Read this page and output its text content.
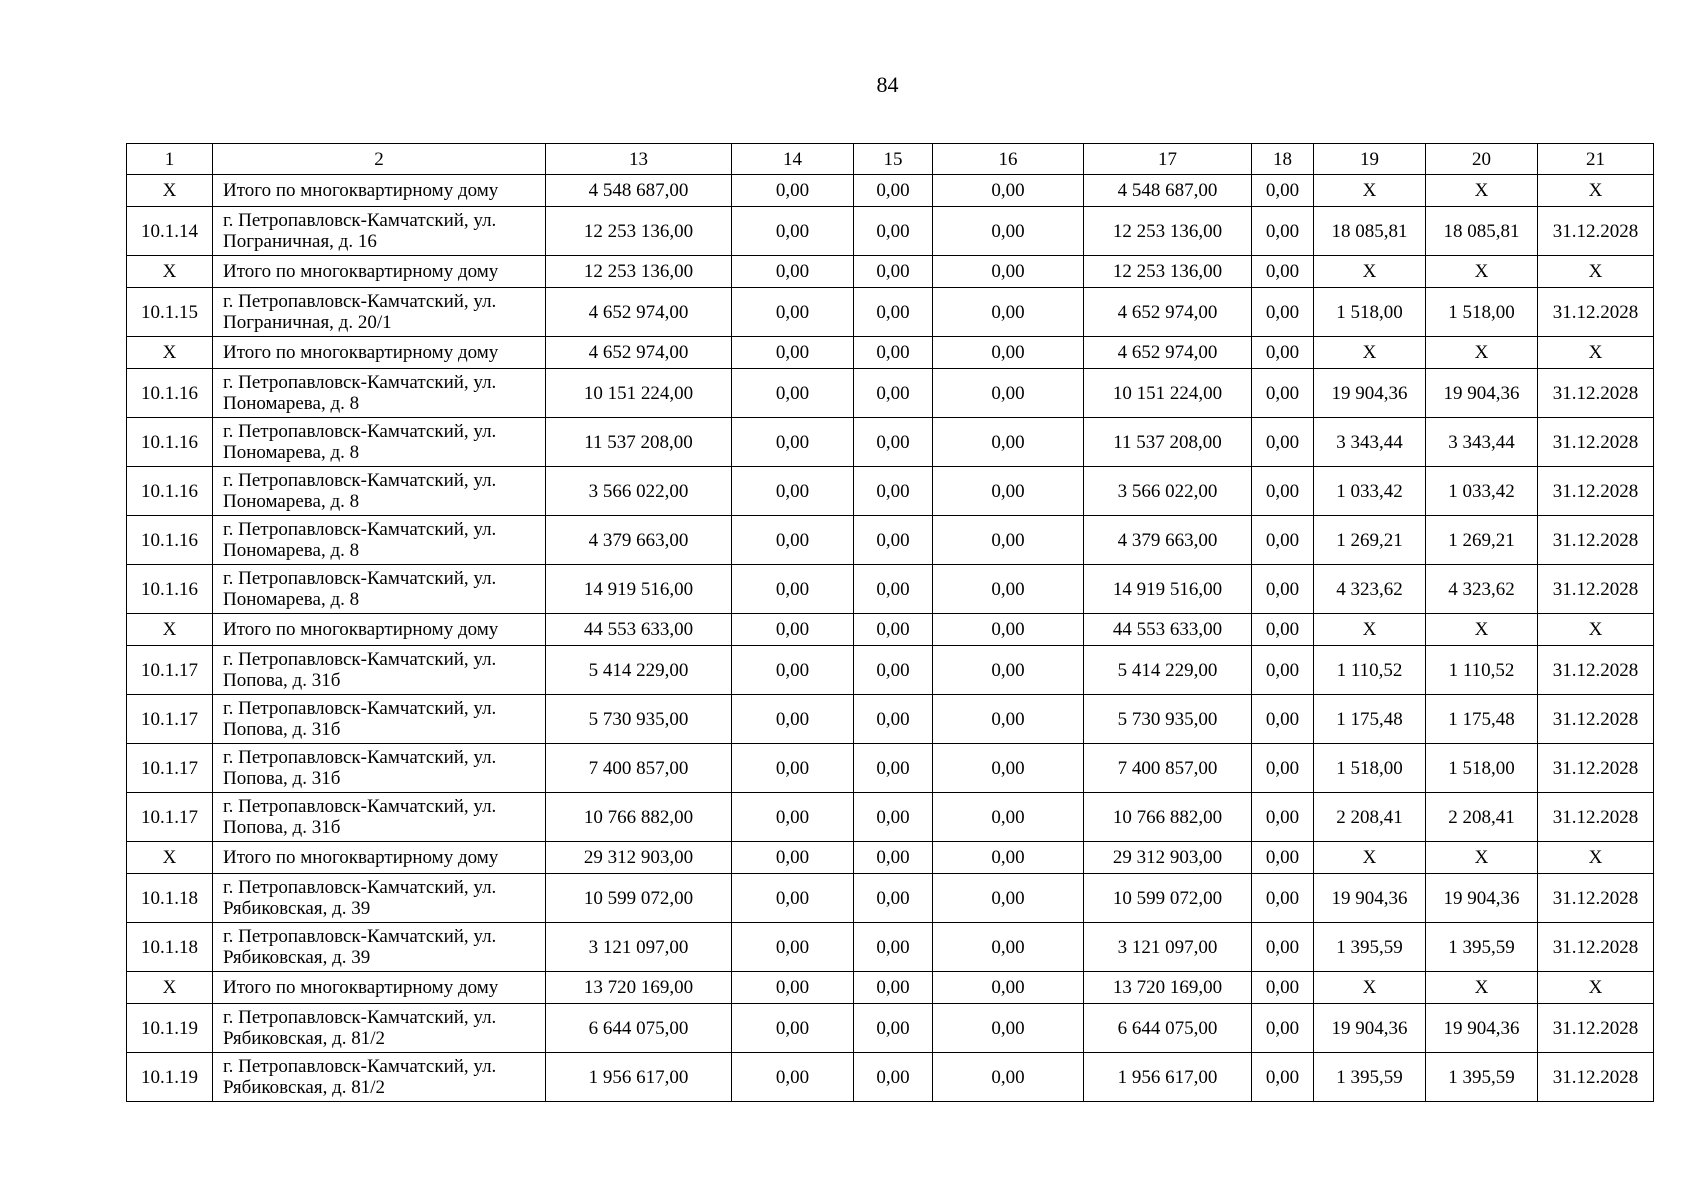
84
1	2	13	14	15	16	17	18	19	20	21
X	Итого по многоквартирному дому	4 548 687,00	0,00	0,00	0,00	4 548 687,00	0,00	X	X	X
10.1.14	г. Петропавловск-Камчатский, ул. Пограничная, д. 16	12 253 136,00	0,00	0,00	0,00	12 253 136,00	0,00	18 085,81	18 085,81	31.12.2028
X	Итого по многоквартирному дому	12 253 136,00	0,00	0,00	0,00	12 253 136,00	0,00	X	X	X
10.1.15	г. Петропавловск-Камчатский, ул. Пограничная, д. 20/1	4 652 974,00	0,00	0,00	0,00	4 652 974,00	0,00	1 518,00	1 518,00	31.12.2028
X	Итого по многоквартирному дому	4 652 974,00	0,00	0,00	0,00	4 652 974,00	0,00	X	X	X
10.1.16	г. Петропавловск-Камчатский, ул. Пономарева, д. 8	10 151 224,00	0,00	0,00	0,00	10 151 224,00	0,00	19 904,36	19 904,36	31.12.2028
10.1.16	г. Петропавловск-Камчатский, ул. Пономарева, д. 8	11 537 208,00	0,00	0,00	0,00	11 537 208,00	0,00	3 343,44	3 343,44	31.12.2028
10.1.16	г. Петропавловск-Камчатский, ул. Пономарева, д. 8	3 566 022,00	0,00	0,00	0,00	3 566 022,00	0,00	1 033,42	1 033,42	31.12.2028
10.1.16	г. Петропавловск-Камчатский, ул. Пономарева, д. 8	4 379 663,00	0,00	0,00	0,00	4 379 663,00	0,00	1 269,21	1 269,21	31.12.2028
10.1.16	г. Петропавловск-Камчатский, ул. Пономарева, д. 8	14 919 516,00	0,00	0,00	0,00	14 919 516,00	0,00	4 323,62	4 323,62	31.12.2028
X	Итого по многоквартирному дому	44 553 633,00	0,00	0,00	0,00	44 553 633,00	0,00	X	X	X
10.1.17	г. Петропавловск-Камчатский, ул. Попова, д. 31б	5 414 229,00	0,00	0,00	0,00	5 414 229,00	0,00	1 110,52	1 110,52	31.12.2028
10.1.17	г. Петропавловск-Камчатский, ул. Попова, д. 31б	5 730 935,00	0,00	0,00	0,00	5 730 935,00	0,00	1 175,48	1 175,48	31.12.2028
10.1.17	г. Петропавловск-Камчатский, ул. Попова, д. 31б	7 400 857,00	0,00	0,00	0,00	7 400 857,00	0,00	1 518,00	1 518,00	31.12.2028
10.1.17	г. Петропавловск-Камчатский, ул. Попова, д. 31б	10 766 882,00	0,00	0,00	0,00	10 766 882,00	0,00	2 208,41	2 208,41	31.12.2028
X	Итого по многоквартирному дому	29 312 903,00	0,00	0,00	0,00	29 312 903,00	0,00	X	X	X
10.1.18	г. Петропавловск-Камчатский, ул. Рябиковская, д. 39	10 599 072,00	0,00	0,00	0,00	10 599 072,00	0,00	19 904,36	19 904,36	31.12.2028
10.1.18	г. Петропавловск-Камчатский, ул. Рябиковская, д. 39	3 121 097,00	0,00	0,00	0,00	3 121 097,00	0,00	1 395,59	1 395,59	31.12.2028
X	Итого по многоквартирному дому	13 720 169,00	0,00	0,00	0,00	13 720 169,00	0,00	X	X	X
10.1.19	г. Петропавловск-Камчатский, ул. Рябиковская, д. 81/2	6 644 075,00	0,00	0,00	0,00	6 644 075,00	0,00	19 904,36	19 904,36	31.12.2028
10.1.19	г. Петропавловск-Камчатский, ул. Рябиковская, д. 81/2	1 956 617,00	0,00	0,00	0,00	1 956 617,00	0,00	1 395,59	1 395,59	31.12.2028
